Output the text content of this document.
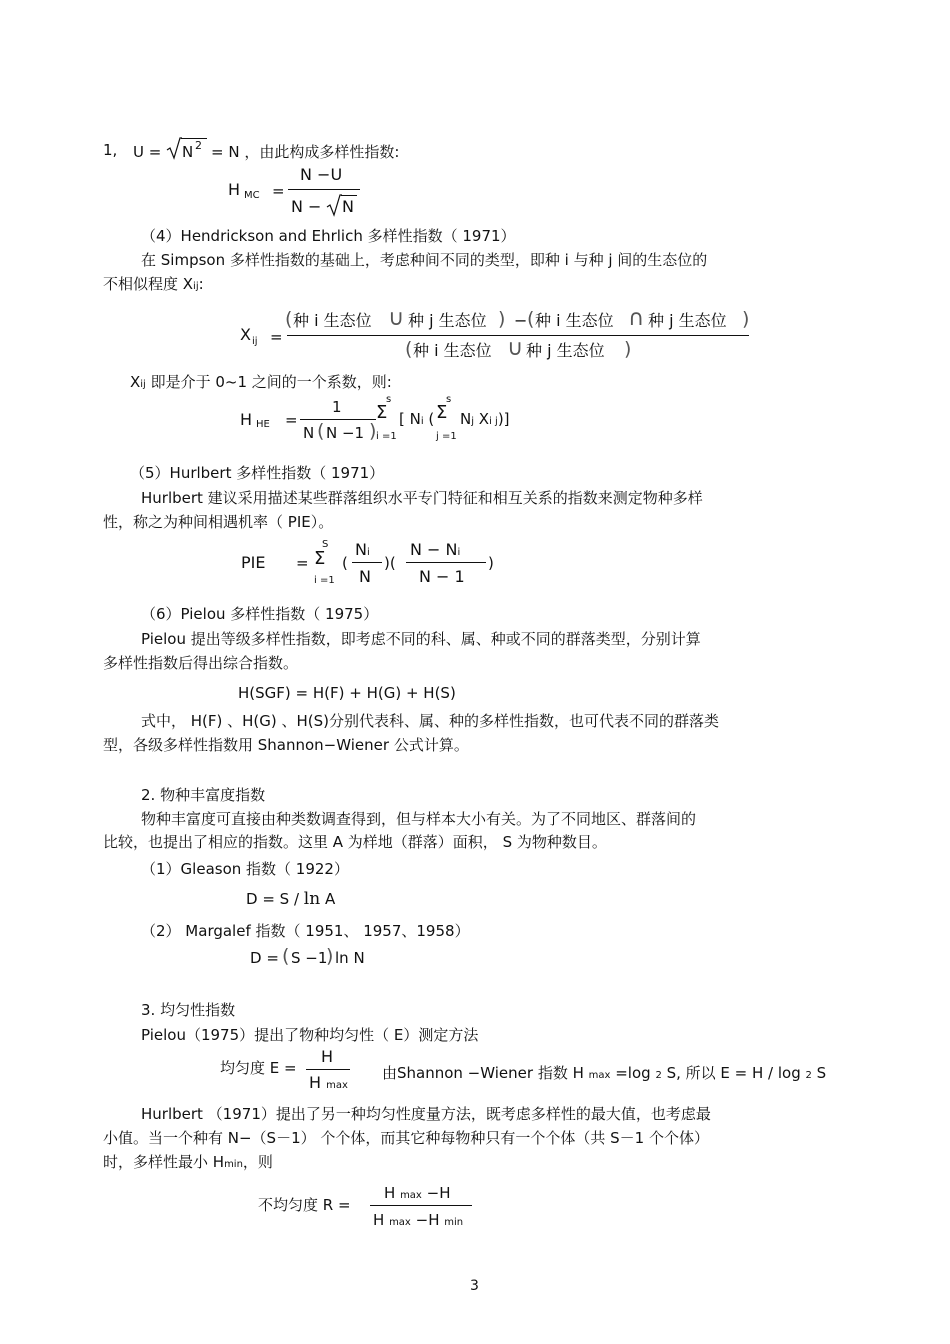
1, U = N 2 = N ，由此构成多样性指数:
H MC =
N −U
N − N
（4）Hendrickson and Ehrlich 多样性指数（ 1971）
在 Simpson 多样性指数的基础上，考虑种间不同的类型，即种 i 与种 j 间的生态位的
不相似程度 Xij:
X ij =
( 种 i 生态位 ∪ 种 j 生态位 ) − ( 种 i 生态位 ∩ 种 j 生态位 )
( 种 i 生态位 ∪ 种 j 生态位 )
Xij 即是介于 0~1 之间的一个系数，则:
H HE =
1
N ( N −1 )
s
Σ
i =1
[ Ni (
s
Σ
j =1
Nj Xi j)]
（5）Hurlbert 多样性指数（ 1971）
Hurlbert 建议采用描述某些群落组织水平专门特征和相互关系的指数来测定物种多样
性，称之为种间相遇机率（ PIE）。
PIE =
S
Σ
i =1
(
Ni
N
)(
N − Ni
N − 1
)
（6）Pielou 多样性指数（ 1975）
Pielou 提出等级多样性指数，即考虑不同的科、属、种或不同的群落类型，分别计算
多样性指数后得出综合指数。
H(SGF) = H(F) + H(G) + H(S)
式中， H(F) 、H(G) 、H(S)分别代表科、属、种的多样性指数，也可代表不同的群落类
型，各级多样性指数用 Shannon−Wiener 公式计算。
2. 物种丰富度指数
物种丰富度可直接由种类数调查得到，但与样本大小有关。为了不同地区、群落间的
比较，也提出了相应的指数。这里 A 为样地（群落）面积， S 为物种数目。
（1）Gleason 指数（ 1922）
D = S / ln A
（2） Margalef 指数（ 1951、 1957、1958）
D = ( S −1
) ln N
3. 均匀性指数
Pielou（1975）提出了物种均匀性（ E）测定方法
均匀度 E =
H
H max
由Shannon −Wiener 指数 H max =log 2 S, 所以 E = H / log 2 S
Hurlbert （1971）提出了另一种均匀性度量方法，既考虑多样性的最大值，也考虑最
小值。当一个种有 N−（S－1） 个个体，而其它种每物种只有一个个体（共 S－1 个个体）
时，多样性最小 Hmin，则
不均匀度 R =
H max −H
H max −H min
3
